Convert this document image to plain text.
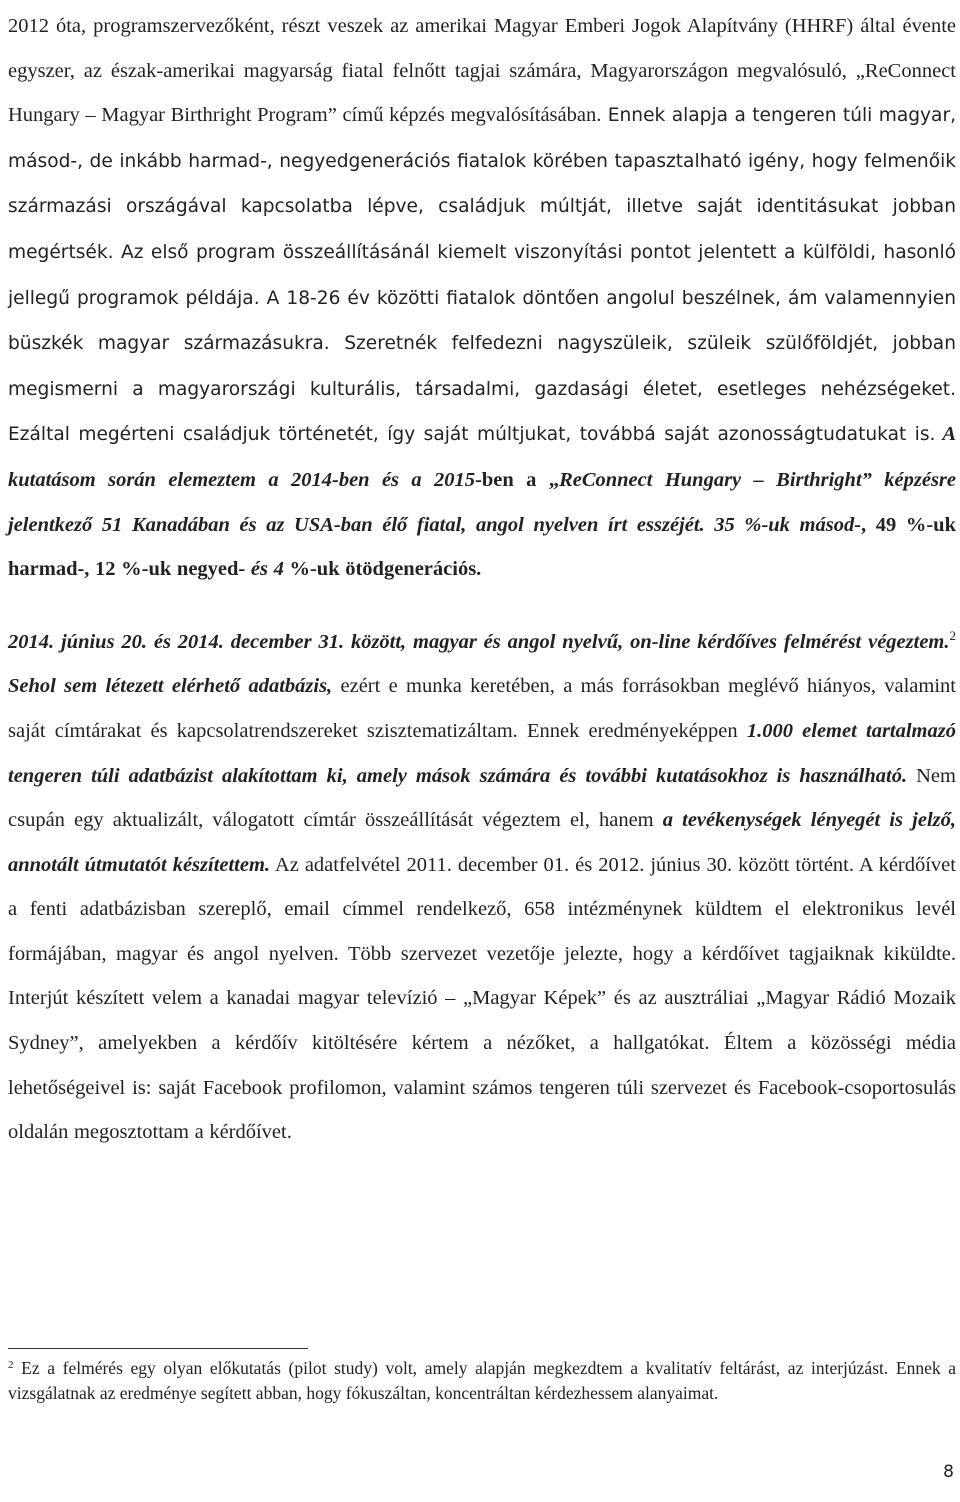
2012 óta, programszervezőként, részt veszek az amerikai Magyar Emberi Jogok Alapítvány (HHRF) által évente egyszer, az észak-amerikai magyarság fiatal felnőtt tagjai számára, Magyarországon megvalósuló, „ReConnect Hungary – Magyar Birthright Program” című képzés megvalósításában. Ennek alapja a tengeren túli magyar, másod-, de inkább harmad-, negyedgenerációs fiatalok körében tapasztalható igény, hogy felmenőik származási országával kapcsolatba lépve, családjuk múltját, illetve saját identitásukat jobban megértsék. Az első program összeállításánál kiemelt viszonyítási pontot jelentett a külföldi, hasonló jellegű programok példája. A 18-26 év közötti fiatalok döntően angolul beszélnek, ám valamennyien büszkék magyar származásukra. Szeretnék felfedezni nagyszüleik, szüleik szülőföldjét, jobban megismerni a magyarországi kulturális, társadalmi, gazdasági életet, esetleges nehézségeket. Ezáltal megérteni családjuk történetét, így saját múltjukat, továbbá saját azonosságtudatukat is. A kutatásom során elemeztem a 2014-ben és a 2015-ben a „ReConnect Hungary – Birthright” képzésre jelentkező 51 Kanadában és az USA-ban élő fiatal, angol nyelven írt esszéjét. 35 %-uk másod-, 49 %-uk harmad-, 12 %-uk negyed- és 4 %-uk ötödgenerációs.

2014. június 20. és 2014. december 31. között, magyar és angol nyelvű, on-line kérdőíves felmérést végeztem.$^2$ Sehol sem létezett elérhető adatbázis, ezért e munka keretében, a más forrásokban meglévő hiányos, valamint saját címtárakat és kapcsolatrendszereket szisztematizáltam. Ennek eredményeképpen 1.000 elemet tartalmazó tengeren túli adatbázist alakítottam ki, amely mások számára és további kutatásokhoz is használható. Nem csupán egy aktualizált, válogatott címtár összeállítását végeztem el, hanem a tevékenységek lényegét is jelző, annotált útmutatót készítettem. Az adatfelvétel 2011. december 01. és 2012. június 30. között történt. A kérdőívet a fenti adatbázisban szereplő, email címmel rendelkező, 658 intézménynek küldtem el elektronikus levél formájában, magyar és angol nyelven. Több szervezet vezetője jelezte, hogy a kérdőívet tagjaiknak kiküldte. Interjút készített velem a kanadai magyar televízió – „Magyar Képek” és az ausztráliai „Magyar Rádió Mozaik Sydney”, amelyekben a kérdőív kitöltésére kértem a nézőket, a hallgatókat. Éltem a közösségi média lehetőségeivel is: saját Facebook profilomon, valamint számos tengeren túli szervezet és Facebook-csoportosulás oldalán megosztottam a kérdőívet.

$^2$ Ez a felmérés egy olyan előkutatás (pilot study) volt, amely alapján megkezdtem a kvalitatív feltárást, az interjúzást. Ennek a vizsgálatnak az eredménye segített abban, hogy fókuszáltan, koncentráltan kérdezhessem alanyaimat.

8
